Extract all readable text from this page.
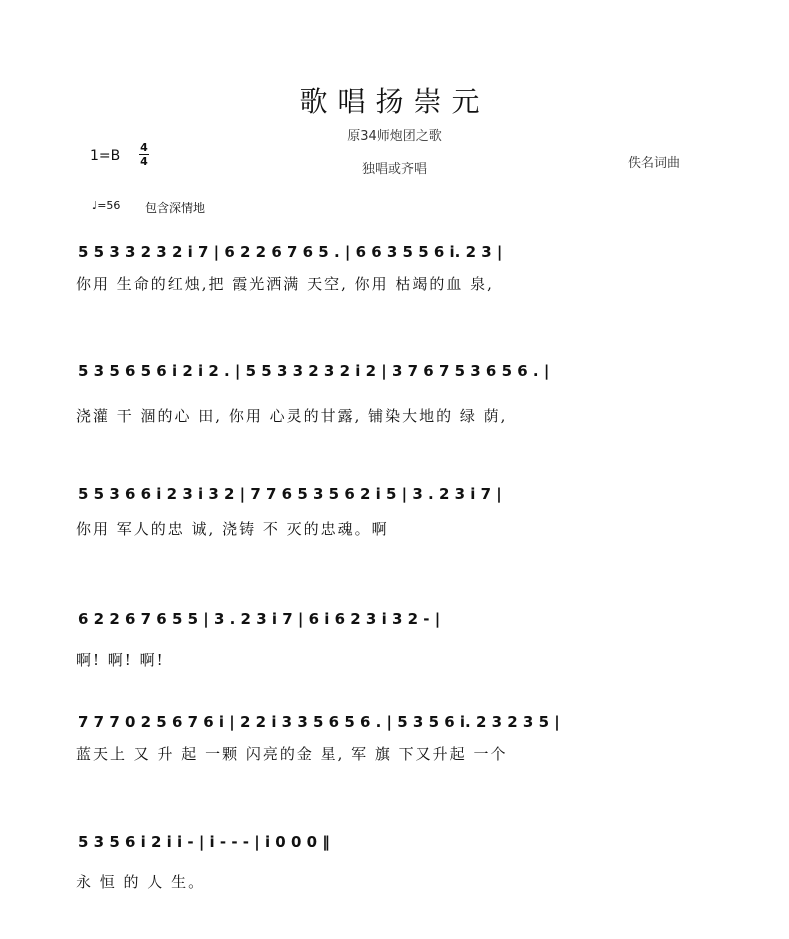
歌唱扬崇元
原34师炮团之歌
1=B
4
4
独唱或齐唱	佚名词曲
♩=56 包含深情地
5 5 3 3 2 3 2 i 7 | 6 2 2 6 7 6 5 . | 6 6 3 5 5 6 i. 2 3 |
你用 生命的红烛,把 霞光洒满 天空, 你用 枯竭的血 泉,
5 3 5 6 5 6 i 2 i 2 . | 5 5 3 3 2 3 2 i 2 | 3 7 6 7 5 3 6 5 6 . |
浇灌 干 涸的心 田, 你用 心灵的甘露, 铺染大地的 绿 荫,
5 5 3 6 6 i 2 3 i 3 2 | 7 7 6 5 3 5 6 2 i 5 | 3 . 2 3 i 7 |
你用 军人的忠 诚, 浇铸 不 灭的忠魂。啊
6 2 2 6 7 6 5 5 | 3 . 2 3 i 7 | 6 i 6 2 3 i 3 2 - |
啊! 啊! 啊!
7 7 7 0 2 5 6 7 6 i | 2 2 i 3 3 5 6 5 6 . | 5 3 5 6 i. 2 3 2 3 5 |
蓝天上 又 升 起 一颗 闪亮的金 星, 军 旗 下又升起 一个
5 3 5 6 i 2 i i - | i - - - | i 0 0 0 ‖
永 恒 的 人 生。
